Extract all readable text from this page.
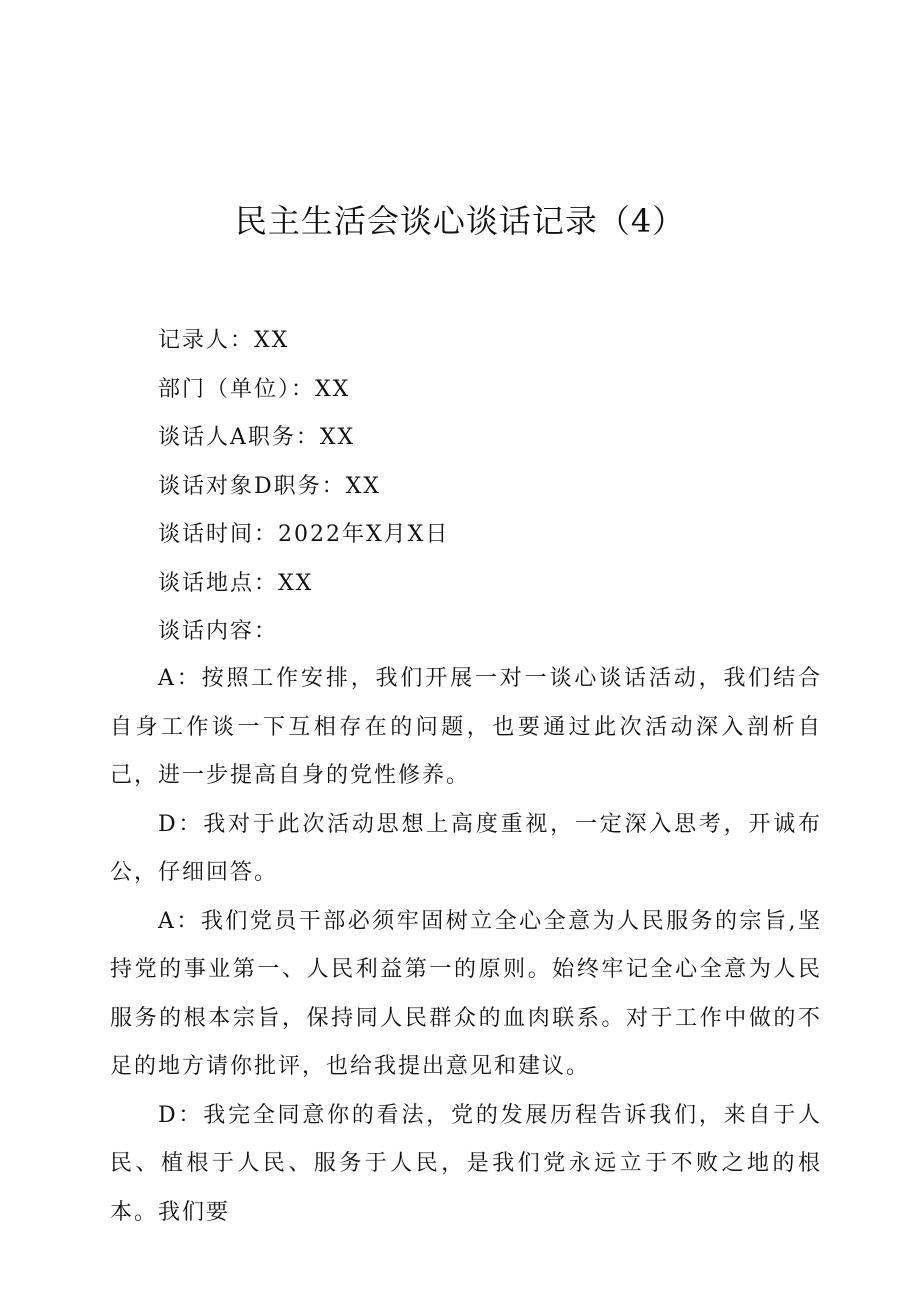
民主生活会谈心谈话记录（4）
记录人：XX
部门（单位）：XX
谈话人A职务：XX
谈话对象D职务：XX
谈话时间：2022年X月X日
谈话地点：XX
谈话内容：

A：按照工作安排，我们开展一对一谈心谈话活动，我们结合自身工作谈一下互相存在的问题，也要通过此次活动深入剖析自己，进一步提高自身的党性修养。

D：我对于此次活动思想上高度重视，一定深入思考，开诚布公，仔细回答。

A：我们党员干部必须牢固树立全心全意为人民服务的宗旨,坚持党的事业第一、人民利益第一的原则。始终牢记全心全意为人民服务的根本宗旨，保持同人民群众的血肉联系。对于工作中做的不足的地方请你批评，也给我提出意见和建议。

D：我完全同意你的看法，党的发展历程告诉我们，来自于人民、植根于人民、服务于人民，是我们党永远立于不败之地的根本。我们要
